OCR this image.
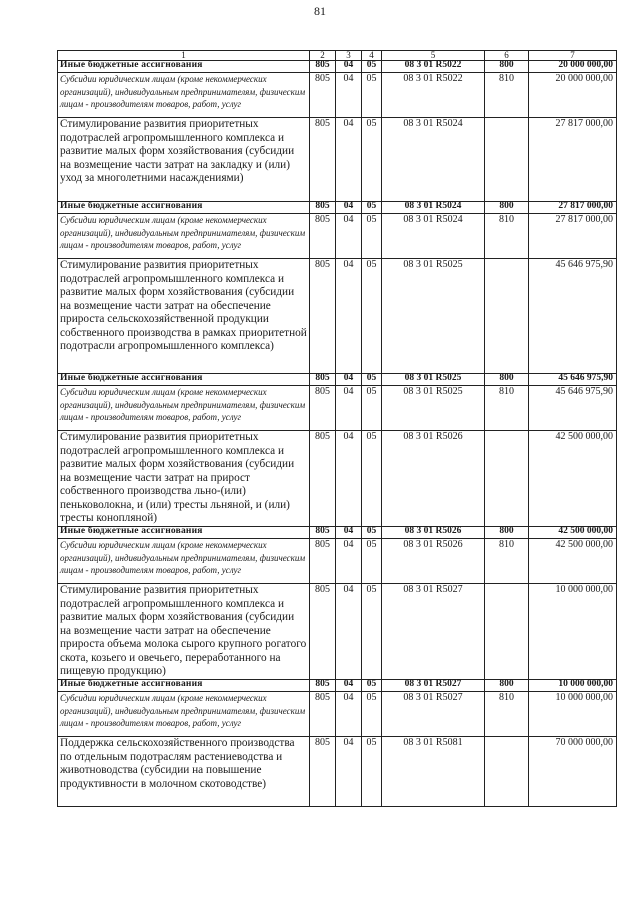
81
1	2	3	4	5	6	7
Иные бюджетные ассигнования	805	04	05	08 3 01 R5022	800	20 000 000,00
Субсидии юридическим лицам (кроме некоммерческих организаций), индивидуальным предпринимателям, физическим лицам - производителям товаров, работ, услуг	805	04	05	08 3 01 R5022	810	20 000 000,00
Стимулирование развития приоритетных подотраслей агропромышленного комплекса и развитие малых форм хозяйствования (субсидии на возмещение части затрат на закладку и (или) уход за многолетними насаждениями)	805	04	05	08 3 01 R5024		27 817 000,00
Иные бюджетные ассигнования	805	04	05	08 3 01 R5024	800	27 817 000,00
Субсидии юридическим лицам (кроме некоммерческих организаций), индивидуальным предпринимателям, физическим лицам - производителям товаров, работ, услуг	805	04	05	08 3 01 R5024	810	27 817 000,00
Стимулирование развития приоритетных подотраслей агропромышленного комплекса и развитие малых форм хозяйствования (субсидии на возмещение части затрат на обеспечение прироста сельскохозяйственной продукции собственного производства в рамках приоритетной подотрасли агропромышленного комплекса)	805	04	05	08 3 01 R5025		45 646 975,90
Иные бюджетные ассигнования	805	04	05	08 3 01 R5025	800	45 646 975,90
Субсидии юридическим лицам (кроме некоммерческих организаций), индивидуальным предпринимателям, физическим лицам - производителям товаров, работ, услуг	805	04	05	08 3 01 R5025	810	45 646 975,90
Стимулирование развития приоритетных подотраслей агропромышленного комплекса и развитие малых форм хозяйствования (субсидии на возмещение части затрат на прирост собственного производства льно-(или) пеньковолокна, и (или) тресты льняной, и (или) тресты конопляной)	805	04	05	08 3 01 R5026		42 500 000,00
Иные бюджетные ассигнования	805	04	05	08 3 01 R5026	800	42 500 000,00
Субсидии юридическим лицам (кроме некоммерческих организаций), индивидуальным предпринимателям, физическим лицам - производителям товаров, работ, услуг	805	04	05	08 3 01 R5026	810	42 500 000,00
Стимулирование развития приоритетных подотраслей агропромышленного комплекса и развитие малых форм хозяйствования (субсидии на возмещение части затрат на обеспечение прироста объема молока сырого крупного рогатого скота, козьего и овечьего, переработанного на пищевую продукцию)	805	04	05	08 3 01 R5027		10 000 000,00
Иные бюджетные ассигнования	805	04	05	08 3 01 R5027	800	10 000 000,00
Субсидии юридическим лицам (кроме некоммерческих организаций), индивидуальным предпринимателям, физическим лицам - производителям товаров, работ, услуг	805	04	05	08 3 01 R5027	810	10 000 000,00
Поддержка сельскохозяйственного производства по отдельным подотраслям растениеводства и животноводства (субсидии на повышение продуктивности в молочном скотоводстве)	805	04	05	08 3 01 R5081		70 000 000,00
